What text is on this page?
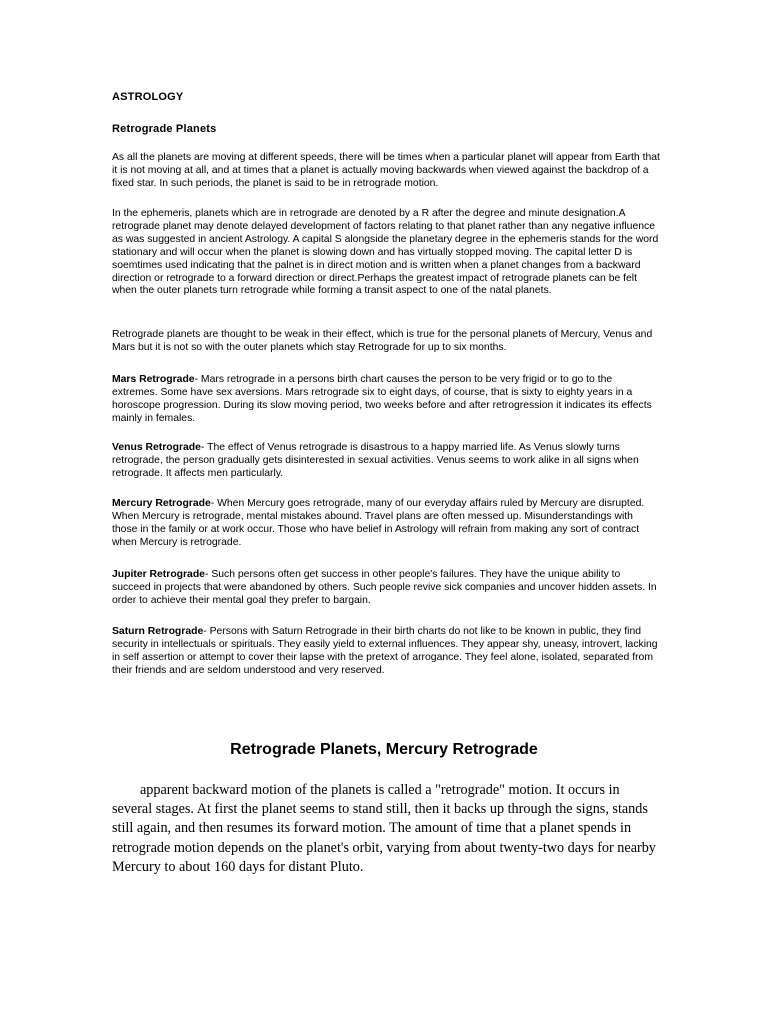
ASTROLOGY
Retrograde Planets

As all the planets are moving at different speeds, there will be times when a particular planet will appear from Earth that it is not moving at all, and at times that a planet is actually moving backwards when viewed against the backdrop of a fixed star. In such periods, the planet is said to be in retrograde motion.

In the ephemeris, planets which are in retrograde are denoted by a R after the degree and minute designation.A retrograde planet may denote delayed development of factors relating to that planet rather than any negative influence as was suggested in ancient Astrology. A capital S alongside the planetary degree in the ephemeris stands for the word stationary and will occur when the planet is slowing down and has virtually stopped moving. The capital letter D is soemtimes used indicating that the palnet is in direct motion and is written when a planet changes from a backward direction or retrograde to a forward direction or direct.Perhaps the greatest impact of retrograde planets can be felt when the outer planets turn retrograde while forming a transit aspect to one of the natal planets.

Retrograde planets are thought to be weak in their effect, which is true for the personal planets of Mercury, Venus and Mars but it is not so with the outer planets which stay Retrograde for up to six months.

Mars Retrograde- Mars retrograde in a persons birth chart causes the person to be very frigid or to go to the extremes. Some have sex aversions. Mars retrograde six to eight days, of course, that is sixty to eighty years in a horoscope progression. During its slow moving period, two weeks before and after retrogression it indicates its effects mainly in females.

Venus Retrograde- The effect of Venus retrograde is disastrous to a happy married life. As Venus slowly turns retrograde, the person gradually gets disinterested in sexual activities. Venus seems to work alike in all signs when retrograde. It affects men particularly.

Mercury Retrograde- When Mercury goes retrograde, many of our everyday affairs ruled by Mercury are disrupted. When Mercury is retrograde, mental mistakes abound. Travel plans are often messed up. Misunderstandings with those in the family or at work occur. Those who have belief in Astrology will refrain from making any sort of contract when Mercury is retrograde.

Jupiter Retrograde- Such persons often get success in other people's failures. They have the unique ability to succeed in projects that were abandoned by others. Such people revive sick companies and uncover hidden assets. In order to achieve their mental goal they prefer to bargain.

Saturn Retrograde- Persons with Saturn Retrograde in their birth charts do not like to be known in public, they find security in intellectuals or spirituals. They easily yield to external influences. They appear shy, uneasy, introvert, lacking in self assertion or attempt to cover their lapse with the pretext of arrogance. They feel alone, isolated, separated from their friends and are seldom understood and very reserved.

Retrograde Planets, Mercury Retrograde

apparent backward motion of the planets is called a "retrograde" motion. It occurs in several stages. At first the planet seems to stand still, then it backs up through the signs, stands still again, and then resumes its forward motion. The amount of time that a planet spends in retrograde motion depends on the planet's orbit, varying from about twenty-two days for nearby Mercury to about 160 days for distant Pluto.
